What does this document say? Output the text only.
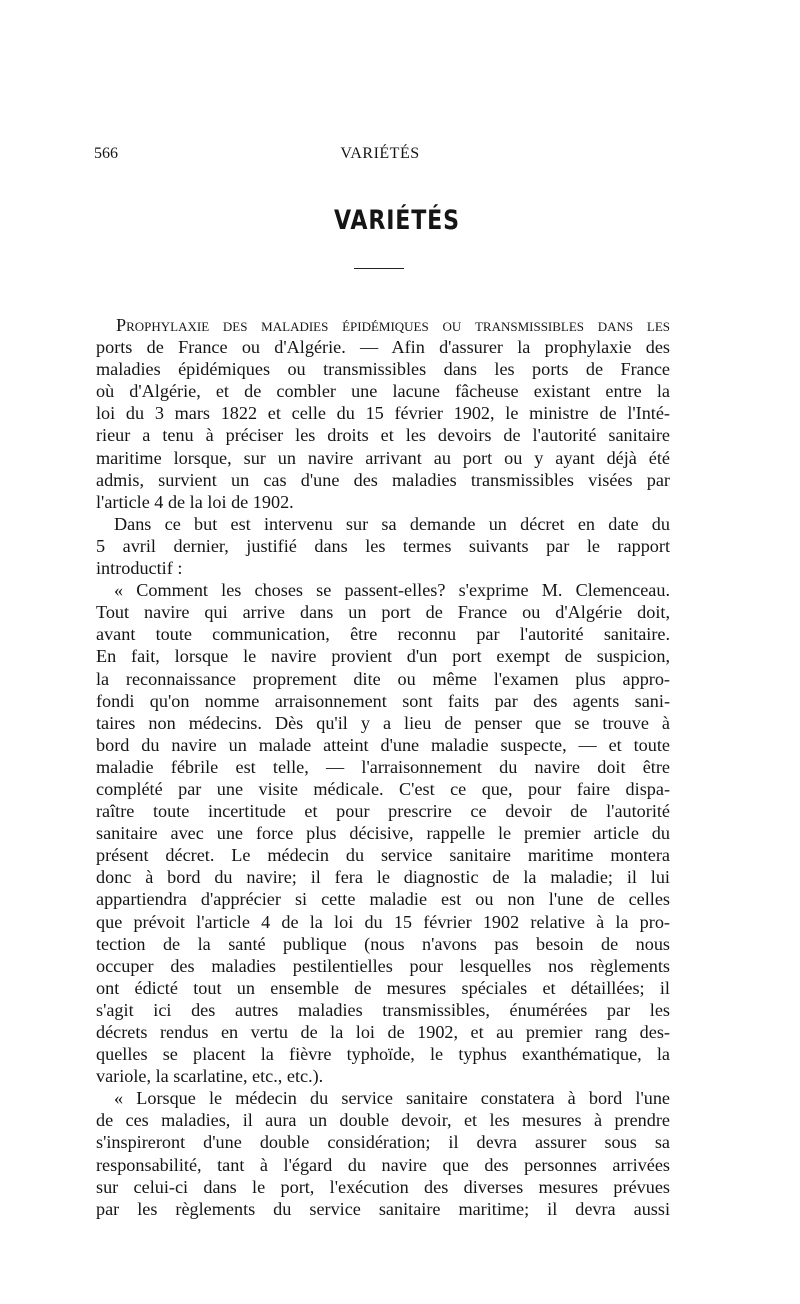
566	VARIÉTÉS
VARIÉTÉS
Prophylaxie des maladies épidémiques ou transmissibles dans les
ports de France ou d'Algérie. — Afin d'assurer la prophylaxie des
maladies épidémiques ou transmissibles dans les ports de France
où d'Algérie, et de combler une lacune fâcheuse existant entre la
loi du 3 mars 1822 et celle du 15 février 1902, le ministre de l'Inté-
rieur a tenu à préciser les droits et les devoirs de l'autorité sanitaire
maritime lorsque, sur un navire arrivant au port ou y ayant déjà été
admis, survient un cas d'une des maladies transmissibles visées par
l'article 4 de la loi de 1902.
Dans ce but est intervenu sur sa demande un décret en date du
5 avril dernier, justifié dans les termes suivants par le rapport
introductif :
« Comment les choses se passent-elles? s'exprime M. Clemenceau.
Tout navire qui arrive dans un port de France ou d'Algérie doit,
avant toute communication, être reconnu par l'autorité sanitaire.
En fait, lorsque le navire provient d'un port exempt de suspicion,
la reconnaissance proprement dite ou même l'examen plus appro-
fondi qu'on nomme arraisonnement sont faits par des agents sani-
taires non médecins. Dès qu'il y a lieu de penser que se trouve à
bord du navire un malade atteint d'une maladie suspecte, — et toute
maladie fébrile est telle, — l'arraisonnement du navire doit être
complété par une visite médicale. C'est ce que, pour faire dispa-
raître toute incertitude et pour prescrire ce devoir de l'autorité
sanitaire avec une force plus décisive, rappelle le premier article du
présent décret. Le médecin du service sanitaire maritime montera
donc à bord du navire; il fera le diagnostic de la maladie; il lui
appartiendra d'apprécier si cette maladie est ou non l'une de celles
que prévoit l'article 4 de la loi du 15 février 1902 relative à la pro-
tection de la santé publique (nous n'avons pas besoin de nous
occuper des maladies pestilentielles pour lesquelles nos règlements
ont édicté tout un ensemble de mesures spéciales et détaillées; il
s'agit ici des autres maladies transmissibles, énumérées par les
décrets rendus en vertu de la loi de 1902, et au premier rang des-
quelles se placent la fièvre typhoïde, le typhus exanthématique, la
variole, la scarlatine, etc., etc.).
« Lorsque le médecin du service sanitaire constatera à bord l'une
de ces maladies, il aura un double devoir, et les mesures à prendre
s'inspireront d'une double considération; il devra assurer sous sa
responsabilité, tant à l'égard du navire que des personnes arrivées
sur celui-ci dans le port, l'exécution des diverses mesures prévues
par les règlements du service sanitaire maritime; il devra aussi
